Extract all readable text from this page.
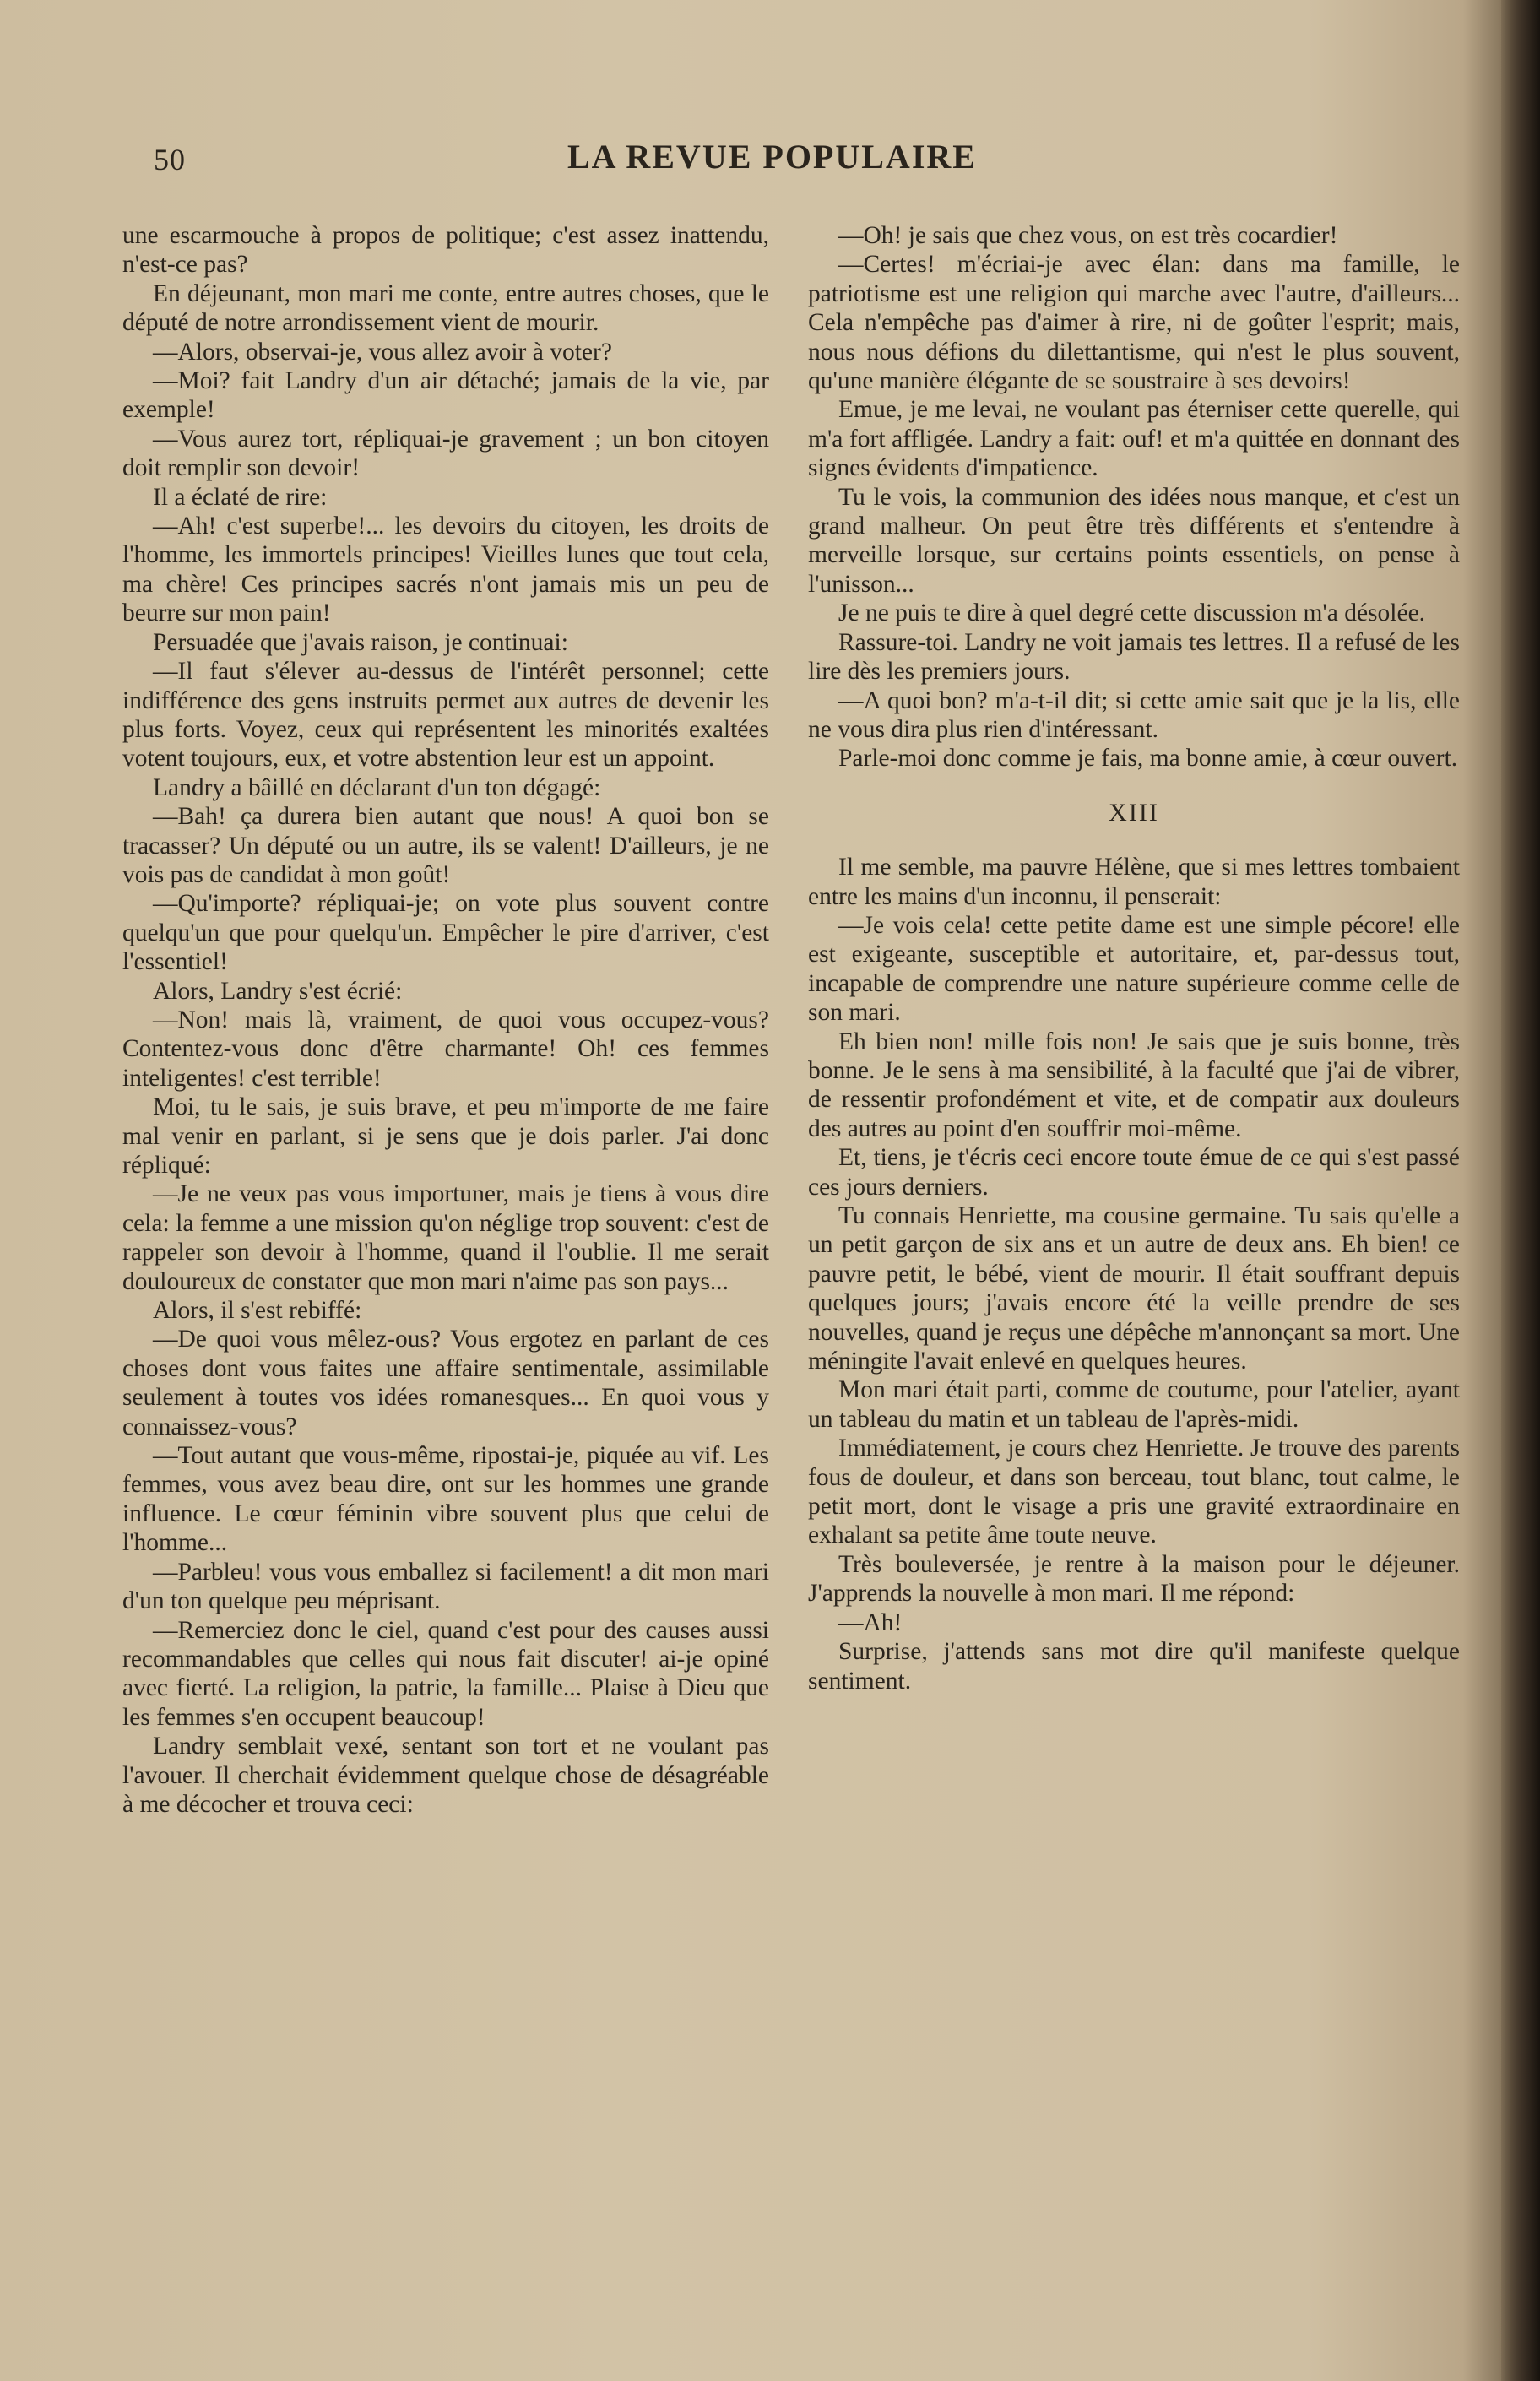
50	LA REVUE POPULAIRE

une escarmouche à propos de politique; c'est assez inattendu, n'est-ce pas?

En déjeunant, mon mari me conte, entre autres choses, que le député de notre arrondissement vient de mourir.

—Alors, observai-je, vous allez avoir à voter?

—Moi? fait Landry d'un air détaché; jamais de la vie, par exemple!

—Vous aurez tort, répliquai-je gravement ; un bon citoyen doit remplir son devoir!

Il a éclaté de rire:

—Ah! c'est superbe!... les devoirs du citoyen, les droits de l'homme, les immortels principes! Vieilles lunes que tout cela, ma chère! Ces principes sacrés n'ont jamais mis un peu de beurre sur mon pain!

Persuadée que j'avais raison, je continuai:

—Il faut s'élever au-dessus de l'intérêt personnel; cette indifférence des gens instruits permet aux autres de devenir les plus forts. Voyez, ceux qui représentent les minorités exaltées votent toujours, eux, et votre abstention leur est un appoint.

Landry a bâillé en déclarant d'un ton dégagé:

—Bah! ça durera bien autant que nous! A quoi bon se tracasser? Un député ou un autre, ils se valent! D'ailleurs, je ne vois pas de candidat à mon goût!

—Qu'importe? répliquai-je; on vote plus souvent contre quelqu'un que pour quelqu'un. Empêcher le pire d'arriver, c'est l'essentiel!

Alors, Landry s'est écrié:

—Non! mais là, vraiment, de quoi vous occupez-vous? Contentez-vous donc d'être charmante! Oh! ces femmes inteligentes! c'est terrible!

Moi, tu le sais, je suis brave, et peu m'importe de me faire mal venir en parlant, si je sens que je dois parler. J'ai donc répliqué:

—Je ne veux pas vous importuner, mais je tiens à vous dire cela: la femme a une mission qu'on néglige trop souvent: c'est de rappeler son devoir à l'homme, quand il l'oublie. Il me serait douloureux de constater que mon mari n'aime pas son pays...

Alors, il s'est rebiffé:

—De quoi vous mêlez-ous? Vous ergotez en parlant de ces choses dont vous faites une affaire sentimentale, assimilable seulement à toutes vos idées romanesques... En quoi vous y connaissez-vous?

—Tout autant que vous-même, ripostai-je, piquée au vif. Les femmes, vous avez beau dire, ont sur les hommes une grande influence. Le cœur féminin vibre souvent plus que celui de l'homme...

—Parbleu! vous vous emballez si facilement! a dit mon mari d'un ton quelque peu méprisant.

—Remerciez donc le ciel, quand c'est pour des causes aussi recommandables que celles qui nous fait discuter! ai-je opiné avec fierté. La religion, la patrie, la famille... Plaise à Dieu que les femmes s'en occupent beaucoup!

Landry semblait vexé, sentant son tort et ne voulant pas l'avouer. Il cherchait évidemment quelque chose de désagréable à me décocher et trouva ceci:

—Oh! je sais que chez vous, on est très cocardier!

—Certes! m'écriai-je avec élan: dans ma famille, le patriotisme est une religion qui marche avec l'autre, d'ailleurs... Cela n'empêche pas d'aimer à rire, ni de goûter l'esprit; mais, nous nous défions du dilettantisme, qui n'est le plus souvent, qu'une manière élégante de se soustraire à ses devoirs!

Emue, je me levai, ne voulant pas éterniser cette querelle, qui m'a fort affligée. Landry a fait: ouf! et m'a quittée en donnant des signes évidents d'impatience.

Tu le vois, la communion des idées nous manque, et c'est un grand malheur. On peut être très différents et s'entendre à merveille lorsque, sur certains points essentiels, on pense à l'unisson...

Je ne puis te dire à quel degré cette discussion m'a désolée.

Rassure-toi. Landry ne voit jamais tes lettres. Il a refusé de les lire dès les premiers jours.

—A quoi bon? m'a-t-il dit; si cette amie sait que je la lis, elle ne vous dira plus rien d'intéressant.

Parle-moi donc comme je fais, ma bonne amie, à cœur ouvert.

XIII

Il me semble, ma pauvre Hélène, que si mes lettres tombaient entre les mains d'un inconnu, il penserait:

—Je vois cela! cette petite dame est une simple pécore! elle est exigeante, susceptible et autoritaire, et, par-dessus tout, incapable de comprendre une nature supérieure comme celle de son mari.

Eh bien non! mille fois non! Je sais que je suis bonne, très bonne. Je le sens à ma sensibilité, à la faculté que j'ai de vibrer, de ressentir profondément et vite, et de compatir aux douleurs des autres au point d'en souffrir moi-même.

Et, tiens, je t'écris ceci encore toute émue de ce qui s'est passé ces jours derniers.

Tu connais Henriette, ma cousine germaine. Tu sais qu'elle a un petit garçon de six ans et un autre de deux ans. Eh bien! ce pauvre petit, le bébé, vient de mourir. Il était souffrant depuis quelques jours; j'avais encore été la veille prendre de ses nouvelles, quand je reçus une dépêche m'annonçant sa mort. Une méningite l'avait enlevé en quelques heures.

Mon mari était parti, comme de coutume, pour l'atelier, ayant un tableau du matin et un tableau de l'après-midi.

Immédiatement, je cours chez Henriette. Je trouve des parents fous de douleur, et dans son berceau, tout blanc, tout calme, le petit mort, dont le visage a pris une gravité extraordinaire en exhalant sa petite âme toute neuve.

Très bouleversée, je rentre à la maison pour le déjeuner. J'apprends la nouvelle à mon mari. Il me répond:

—Ah!

Surprise, j'attends sans mot dire qu'il manifeste quelque sentiment.
